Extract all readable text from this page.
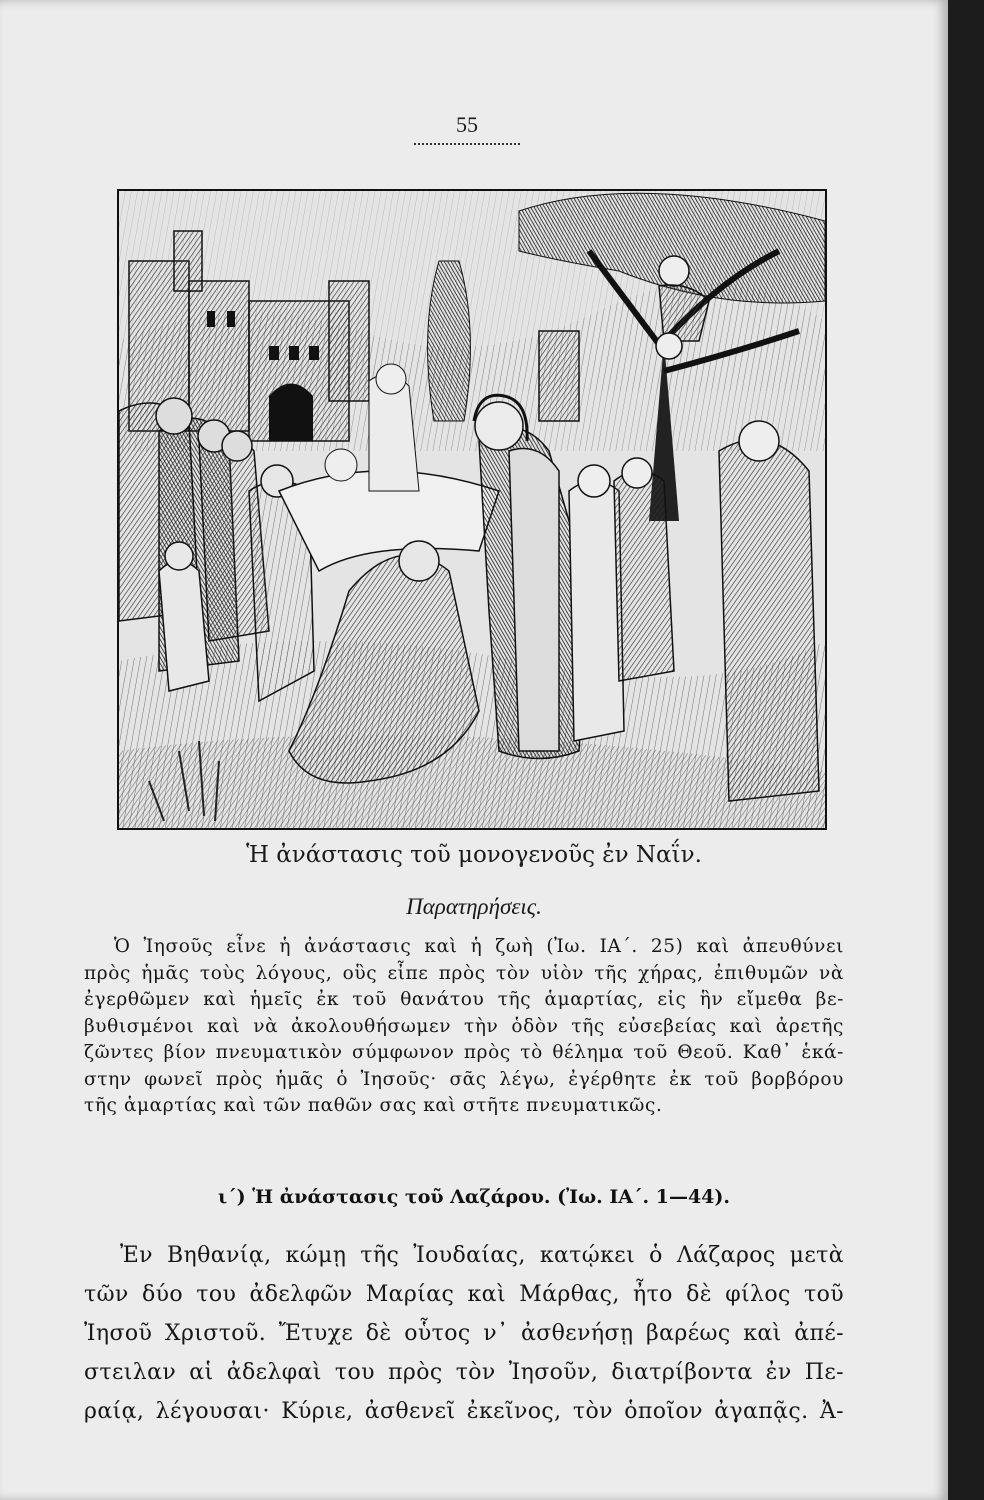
55
Ἡ ἀνάστασις τοῦ μονογενοῦς ἐν Ναΐν.
Παρατηρήσεις.
Ὁ Ἰησοῦς εἶνε ἡ ἀνάστασις καὶ ἡ ζωὴ (Ἰω. ΙΑ΄. 25) καὶ ἀπευθύνει
πρὸς ἡμᾶς τοὺς λόγους, οὓς εἶπε πρὸς τὸν υἱὸν τῆς χήρας, ἐπιθυμῶν νὰ
ἐγερθῶμεν καὶ ἡμεῖς ἐκ τοῦ θανάτου τῆς ἁμαρτίας, εἰς ἣν εἴμεθα βε-
βυθισμένοι καὶ νὰ ἀκολουθήσωμεν τὴν ὁδὸν τῆς εὐσεβείας καὶ ἀρετῆς
ζῶντες βίον πνευματικὸν σύμφωνον πρὸς τὸ θέλημα τοῦ Θεοῦ. Καθ᾽ ἑκά-
στην φωνεῖ πρὸς ἡμᾶς ὁ Ἰησοῦς· σᾶς λέγω, ἐγέρθητε ἐκ τοῦ βορβόρου
τῆς ἁμαρτίας καὶ τῶν παθῶν σας καὶ στῆτε πνευματικῶς.
ι΄) Ἡ ἀνάστασις τοῦ Λαζάρου. (Ἰω. ΙΑ΄. 1—44).
Ἐν Βηθανίᾳ, κώμῃ τῆς Ἰουδαίας, κατῴκει ὁ Λάζαρος μετὰ
τῶν δύο του ἀδελφῶν Μαρίας καὶ Μάρθας, ἦτο δὲ φίλος τοῦ
Ἰησοῦ Χριστοῦ. Ἔτυχε δὲ οὗτος ν᾽ ἀσθενήσῃ βαρέως καὶ ἀπέ-
στειλαν αἱ ἀδελφαὶ του πρὸς τὸν Ἰησοῦν, διατρίβοντα ἐν Πε-
ραίᾳ, λέγουσαι· Κύριε, ἀσθενεῖ ἐκεῖνος, τὸν ὁποῖον ἀγαπᾷς. Ἀ-
